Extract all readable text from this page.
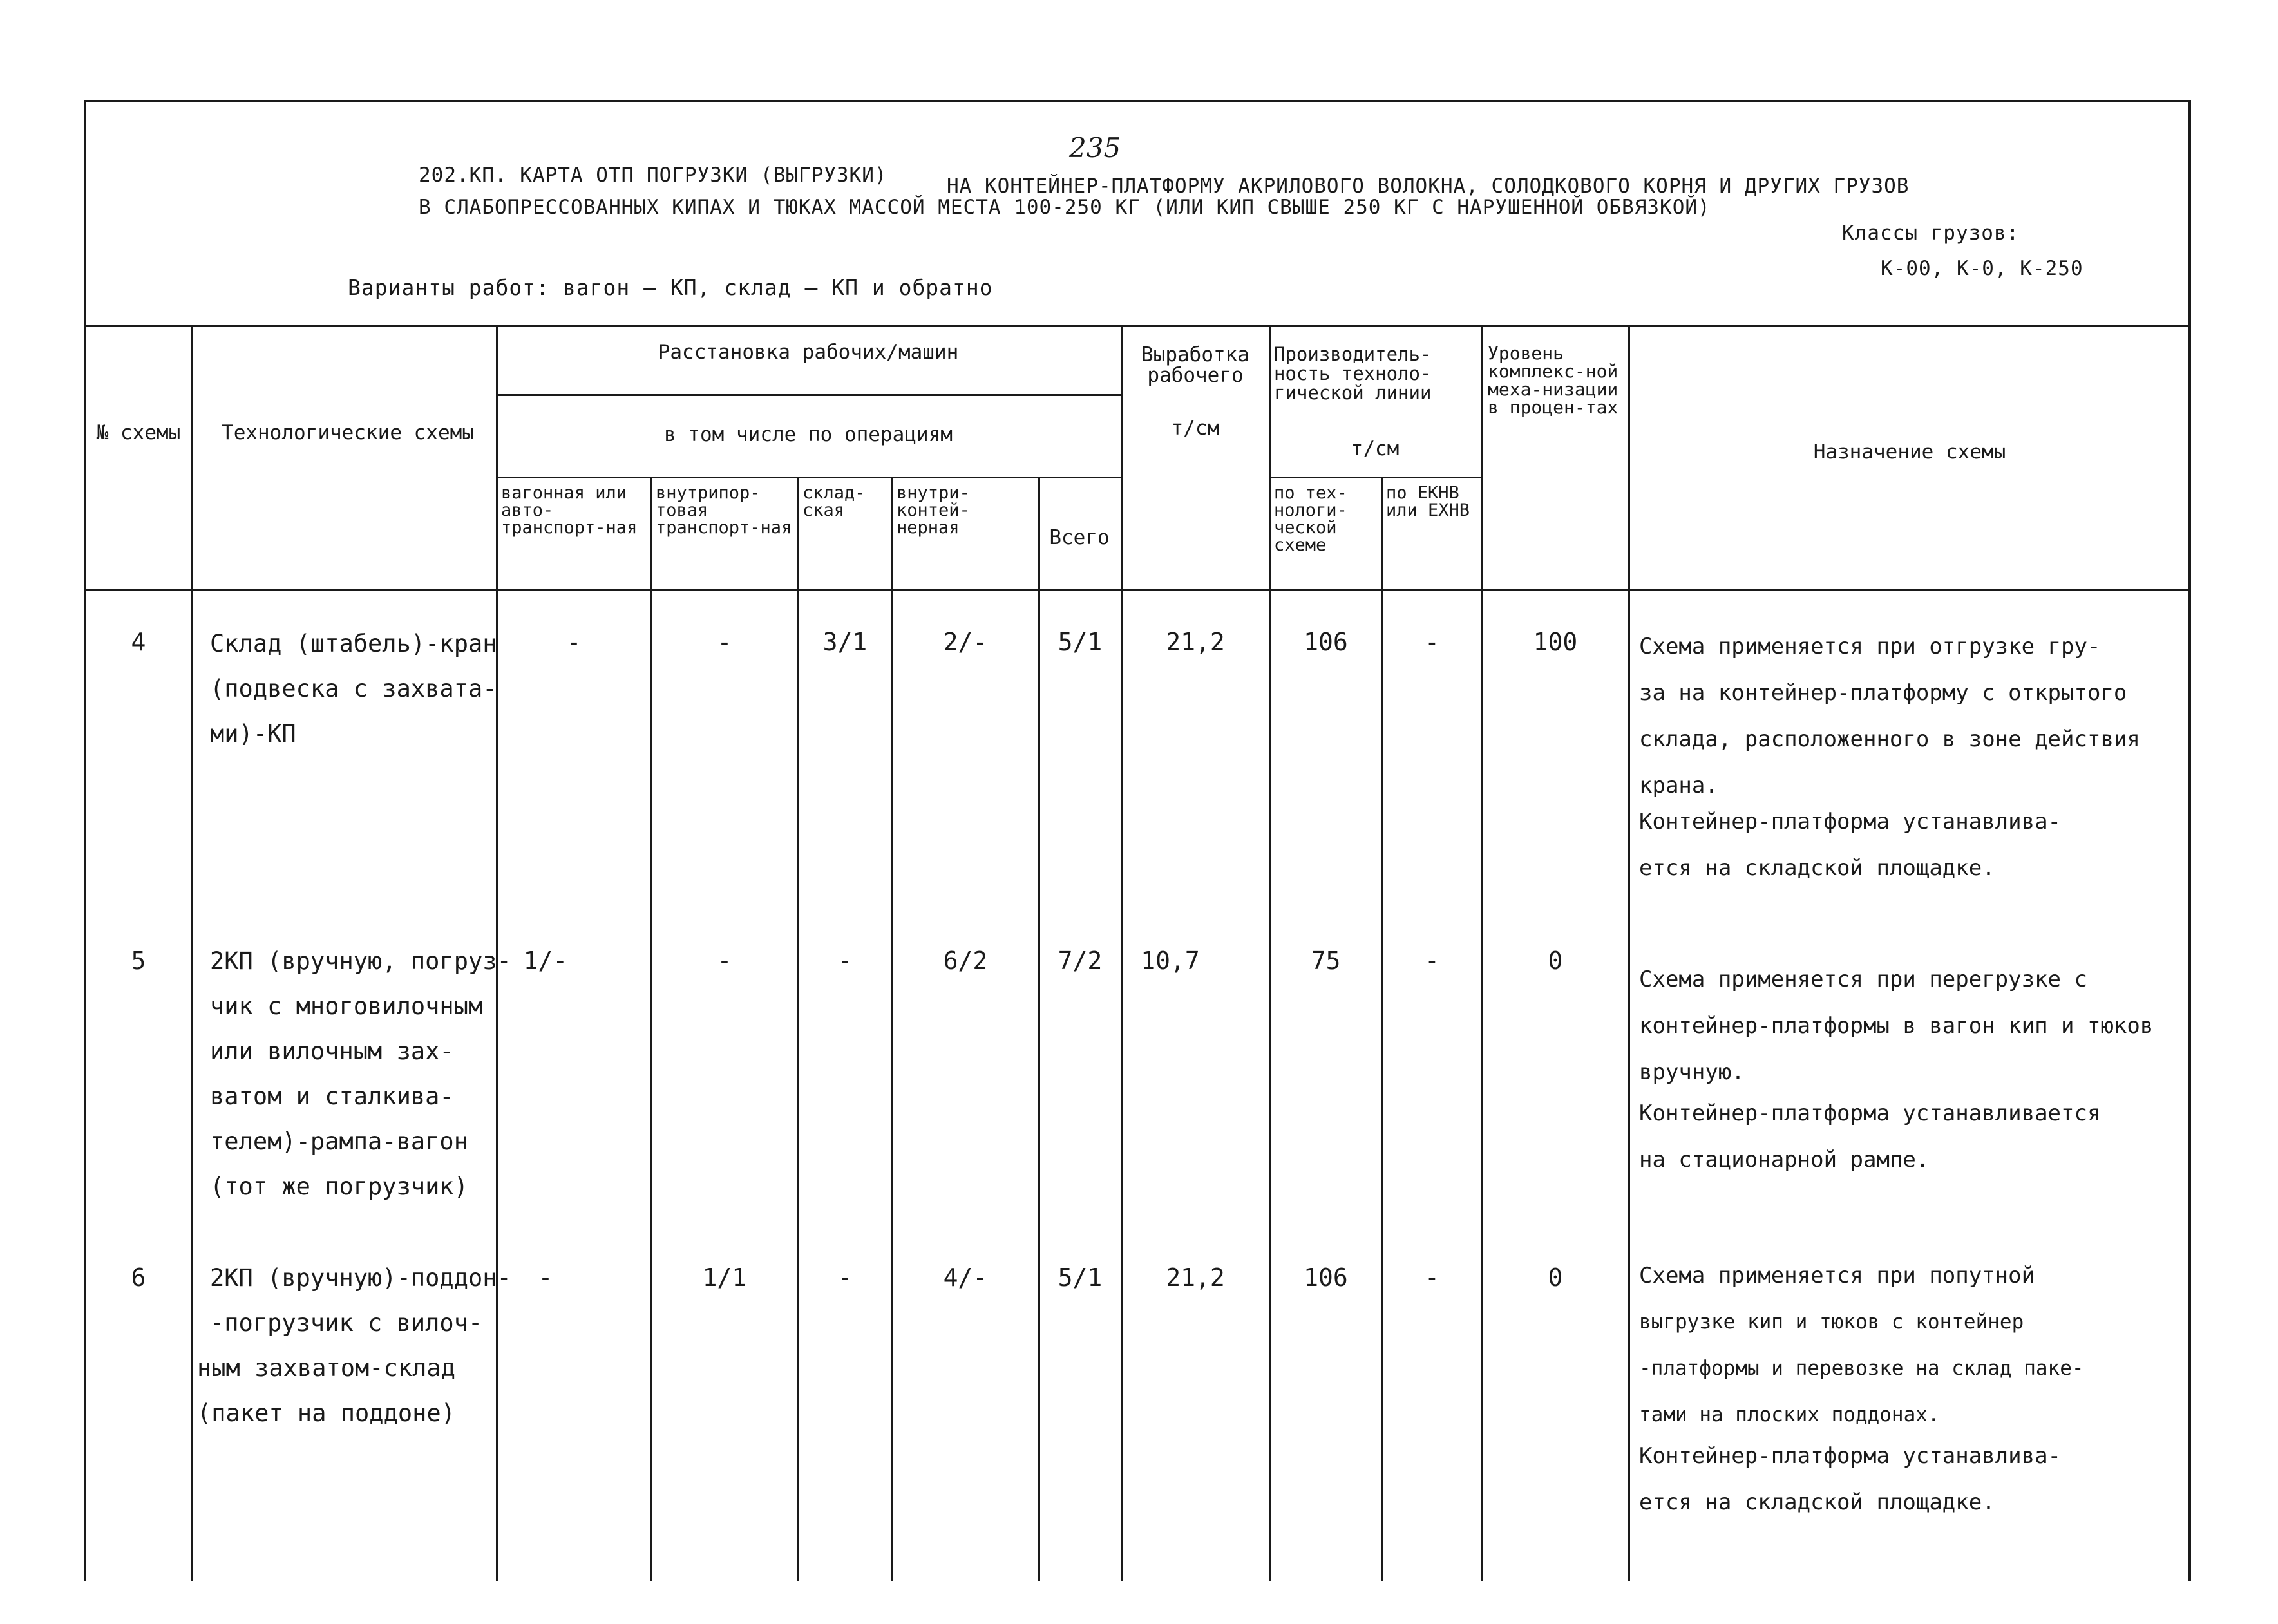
235
202.КП. КАРТА ОТП ПОГРУЗКИ (ВЫГРУЗКИ)	НА КОНТЕЙНЕР-ПЛАТФОРМУ АКРИЛОВОГО ВОЛОКНА, СОЛОДКОВОГО КОРНЯ И ДРУГИХ ГРУЗОВ
В СЛАБОПРЕССОВАННЫХ КИПАХ И ТЮКАХ МАССОЙ МЕСТА 100-250 КГ (ИЛИ КИП СВЫШЕ 250 КГ С НАРУШЕННОЙ ОБВЯЗКОЙ)
Классы грузов:
К-00, К-0, К-250
Варианты работ: вагон – КП, склад – КП и обратно
№ схемы	Технологические схемы
Расстановка рабочих/машин
в том числе по операциям
вагонная или авто-транспорт-ная
внутрипор-товая транспорт-ная
склад-ская
внутри-контей-нерная	Всего
Выработка рабочего
т/см
Производитель-ность техноло-гической линии
т/см
по тех-нологи-ческой схеме
по ЕКНВ или ЕХНВ
Уровень комплекс-ной меха-низации в процен-тах
Назначение схемы
4	Склад (штабель)-кран
(подвеска с захвата-
ми)-КП
-	-	3/1	2/-	5/1	21,2	106	-	100	Схема применяется при отгрузке гру-
за на контейнер-платформу с открытого
склада, расположенного в зоне действия
крана.
Контейнер-платформа устанавлива-
ется на складской площадке.
5	2КП (вручную, погруз-
чик с многовилочным
или вилочным зах-
ватом и сталкива-
телем)-рампа-вагон
(тот же погрузчик)
1/-	-	-	6/2	7/2	10,7	75	-	0
Схема применяется при перегрузке с
контейнер-платформы в вагон кип и тюков
вручную.
Контейнер-платформа устанавливается
на стационарной рампе.
6	2КП (вручную)-поддон-
-погрузчик с вилоч-
ным захватом-склад
(пакет на поддоне)
-	1/1	-	4/-	5/1	21,2	106	-	0	Схема применяется при попутной
выгрузке кип и тюков с контейнер
-платформы и перевозке на склад паке-
тами на плоских поддонах.
Контейнер-платформа устанавлива-
ется на складской площадке.
